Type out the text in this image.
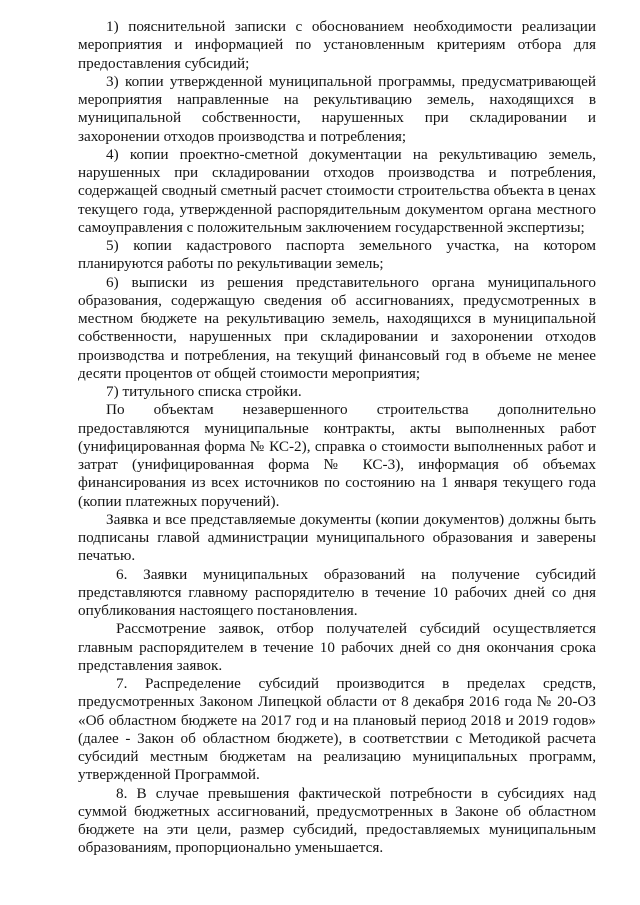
1) пояснительной записки с обоснованием необходимости реализации мероприятия и информацией по установленным критериям отбора для предоставления субсидий;

3) копии утвержденной муниципальной программы, предусматривающей мероприятия направленные на рекультивацию земель, находящихся в муниципальной собственности, нарушенных при складировании и захоронении отходов производства и потребления;

4) копии проектно-сметной документации на рекультивацию земель, нарушенных при складировании отходов производства и потребления, содержащей сводный сметный расчет стоимости строительства объекта в ценах текущего года, утвержденной распорядительным документом органа местного самоуправления с положительным заключением государственной экспертизы;

5) копии кадастрового паспорта земельного участка, на котором планируются работы по рекультивации земель;

6) выписки из решения представительного органа муниципального образования, содержащую сведения об ассигнованиях, предусмотренных в местном бюджете на рекультивацию земель, находящихся в муниципальной собственности, нарушенных при складировании и захоронении отходов производства и потребления, на текущий финансовый год в объеме не менее десяти процентов от общей стоимости мероприятия;

7) титульного списка стройки.

По объектам незавершенного строительства дополнительно предоставляются муниципальные контракты, акты выполненных работ (унифицированная форма № КС-2), справка о стоимости выполненных работ и затрат (унифицированная форма № КС-3), информация об объемах финансирования из всех источников по состоянию на 1 января текущего года (копии платежных поручений).

Заявка и все представляемые документы (копии документов) должны быть подписаны главой администрации муниципального образования и заверены печатью.

6. Заявки муниципальных образований на получение субсидий представляются главному распорядителю в течение 10 рабочих дней со дня опубликования настоящего постановления.

Рассмотрение заявок, отбор получателей субсидий осуществляется главным распорядителем в течение 10 рабочих дней со дня окончания срока представления заявок.

7. Распределение субсидий производится в пределах средств, предусмотренных Законом Липецкой области от 8 декабря 2016 года № 20-ОЗ «Об областном бюджете на 2017 год и на плановый период 2018 и 2019 годов» (далее - Закон об областном бюджете), в соответствии с Методикой расчета субсидий местным бюджетам на реализацию муниципальных программ, утвержденной Программой.

8. В случае превышения фактической потребности в субсидиях над суммой бюджетных ассигнований, предусмотренных в Законе об областном бюджете на эти цели, размер субсидий, предоставляемых муниципальным образованиям, пропорционально уменьшается.
